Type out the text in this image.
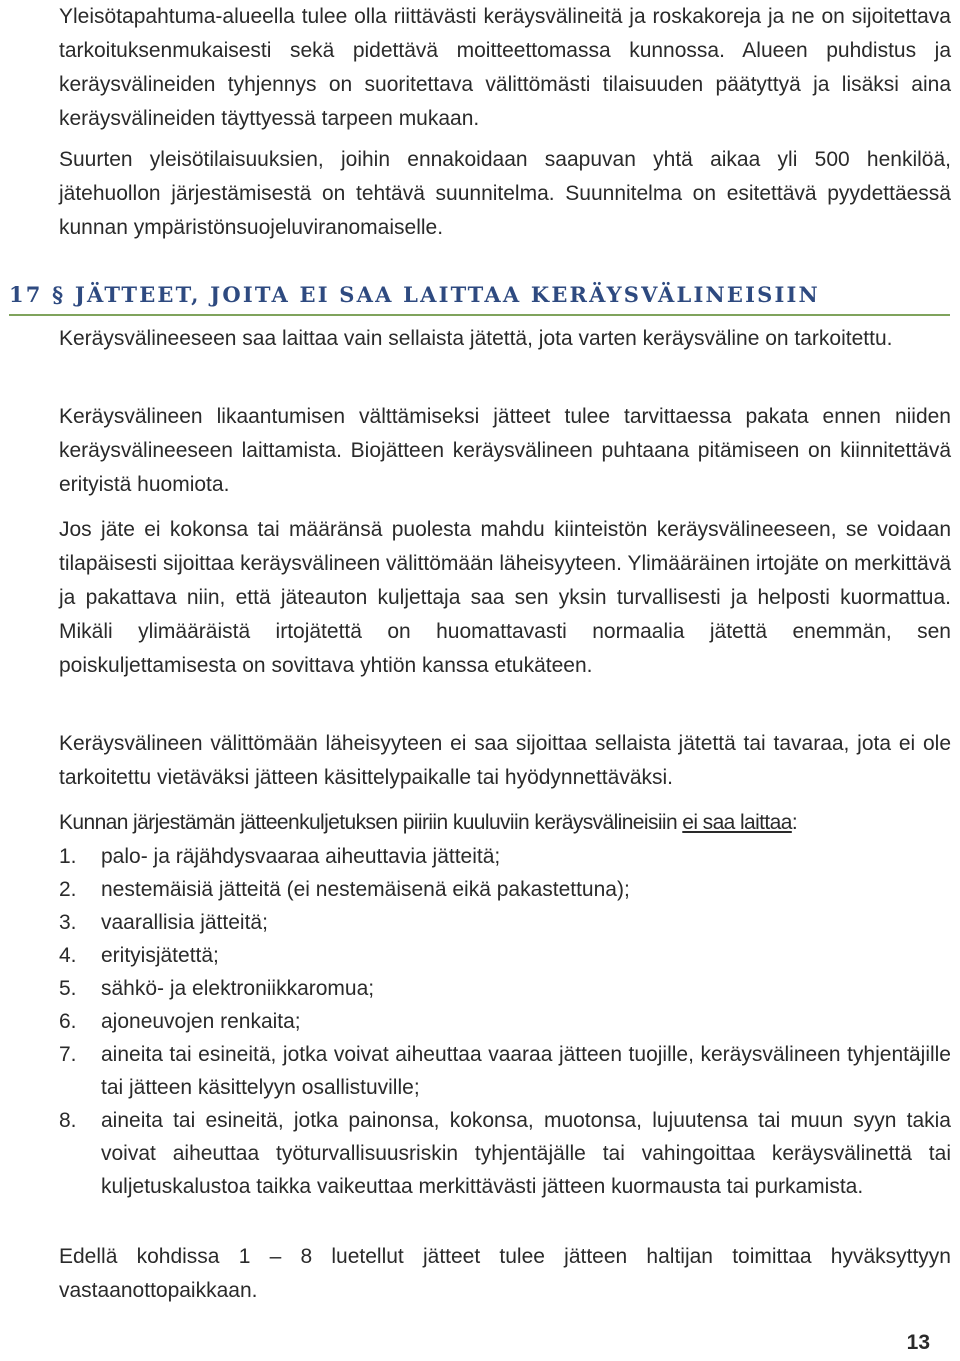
Yleisötapahtuma-alueella tulee olla riittävästi keräysvälineitä ja roskakoreja ja ne on sijoitettava tarkoituksenmukaisesti sekä pidettävä moitteettomassa kunnossa. Alueen puhdistus ja keräysvälineiden tyhjennys on suoritettava välittömästi tilaisuuden päätyttyä ja lisäksi aina keräysvälineiden täyttyessä tarpeen mukaan.

Suurten yleisötilaisuuksien, joihin ennakoidaan saapuvan yhtä aikaa yli 500 henkilöä, jätehuollon järjestämisestä on tehtävä suunnitelma. Suunnitelma on esitettävä pyydettäessä kunnan ympäristönsuojeluviranomaiselle.

17 § JÄTTEET, JOITA EI SAA LAITTAA KERÄYSVÄLINEISIIN

Keräysvälineeseen saa laittaa vain sellaista jätettä, jota varten keräysväline on tarkoitettu.

Keräysvälineen likaantumisen välttämiseksi jätteet tulee tarvittaessa pakata ennen niiden keräysvälineeseen laittamista. Biojätteen keräysvälineen puhtaana pitämiseen on kiinnitettävä erityistä huomiota.

Jos jäte ei kokonsa tai määränsä puolesta mahdu kiinteistön keräysvälineeseen, se voidaan tilapäisesti sijoittaa keräysvälineen välittömään läheisyyteen. Ylimääräinen irtojäte on merkittävä ja pakattava niin, että jäteauton kuljettaja saa sen yksin turvallisesti ja helposti kuormattua. Mikäli ylimääräistä irtojätettä on huomattavasti normaalia jätettä enemmän, sen poiskuljettamisesta on sovittava yhtiön kanssa etukäteen.

Keräysvälineen välittömään läheisyyteen ei saa sijoittaa sellaista jätettä tai tavaraa, jota ei ole tarkoitettu vietäväksi jätteen käsittelypaikalle tai hyödynnettäväksi.

Kunnan järjestämän jätteenkuljetuksen piiriin kuuluviin keräysvälineisiin ei saa laittaa:

1. palo- ja räjähdysvaaraa aiheuttavia jätteitä;
2. nestemäisiä jätteitä (ei nestemäisenä eikä pakastettuna);
3. vaarallisia jätteitä;
4. erityisjätettä;
5. sähkö- ja elektroniikkaromua;
6. ajoneuvojen renkaita;
7. aineita tai esineitä, jotka voivat aiheuttaa vaaraa jätteen tuojille, keräysvälineen tyhjentäjille tai jätteen käsittelyyn osallistuville;
8. aineita tai esineitä, jotka painonsa, kokonsa, muotonsa, lujuutensa tai muun syyn takia voivat aiheuttaa työturvallisuusriskin tyhjentäjälle tai vahingoittaa keräysvälinettä tai kuljetuskalustoa taikka vaikeuttaa merkittävästi jätteen kuormausta tai purkamista.

Edellä kohdissa 1 – 8 luetellut jätteet tulee jätteen haltijan toimittaa hyväksyttyyn vastaanottopaikkaan.

13
